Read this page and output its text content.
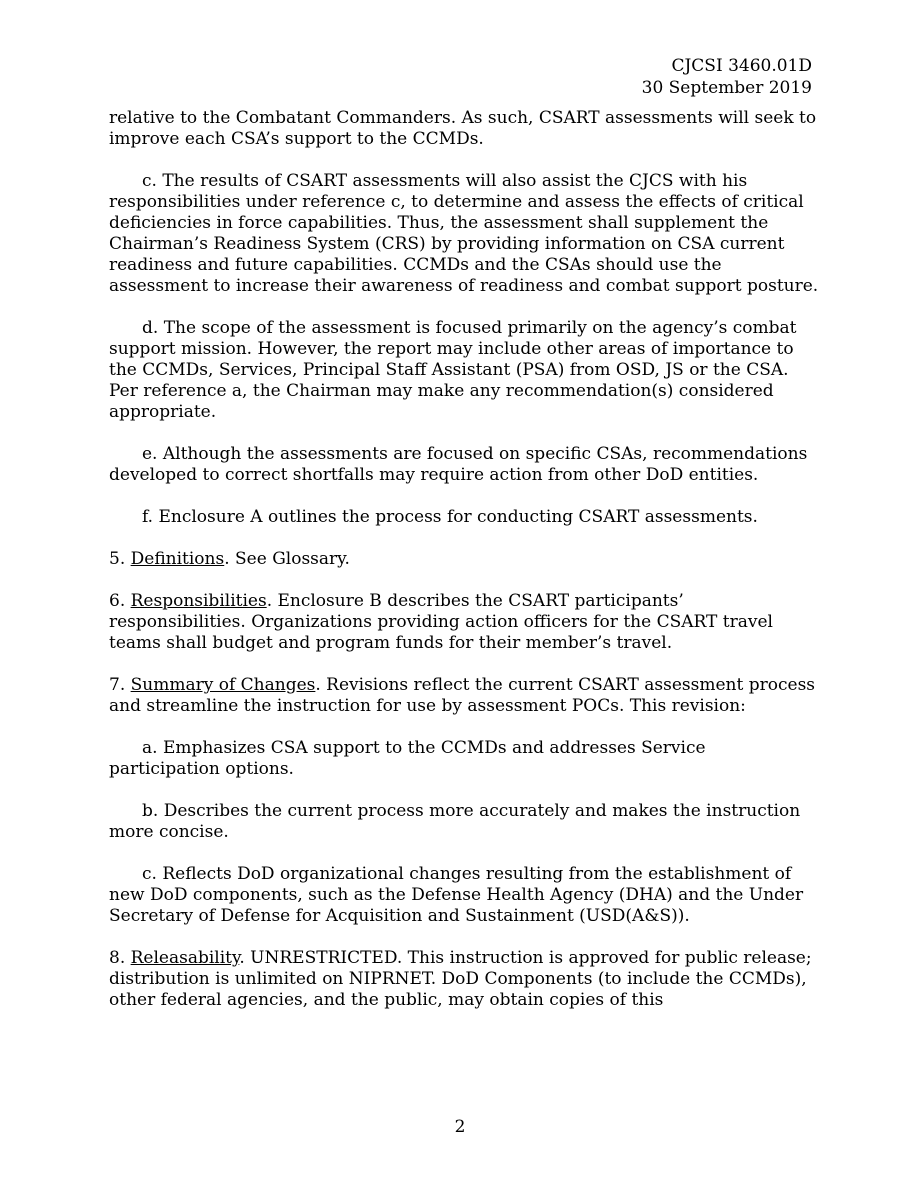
CJCSI 3460.01D
30 September 2019

relative to the Combatant Commanders. As such, CSART assessments will seek to improve each CSA’s support to the CCMDs.

c. The results of CSART assessments will also assist the CJCS with his responsibilities under reference c, to determine and assess the effects of critical deficiencies in force capabilities. Thus, the assessment shall supplement the Chairman’s Readiness System (CRS) by providing information on CSA current readiness and future capabilities. CCMDs and the CSAs should use the assessment to increase their awareness of readiness and combat support posture.

d. The scope of the assessment is focused primarily on the agency’s combat support mission. However, the report may include other areas of importance to the CCMDs, Services, Principal Staff Assistant (PSA) from OSD, JS or the CSA. Per reference a, the Chairman may make any recommendation(s) considered appropriate.

e. Although the assessments are focused on specific CSAs, recommendations developed to correct shortfalls may require action from other DoD entities.

f. Enclosure A outlines the process for conducting CSART assessments.

5. Definitions. See Glossary.

6. Responsibilities. Enclosure B describes the CSART participants’ responsibilities. Organizations providing action officers for the CSART travel teams shall budget and program funds for their member’s travel.

7. Summary of Changes. Revisions reflect the current CSART assessment process and streamline the instruction for use by assessment POCs. This revision:

a. Emphasizes CSA support to the CCMDs and addresses Service participation options.

b. Describes the current process more accurately and makes the instruction more concise.

c. Reflects DoD organizational changes resulting from the establishment of new DoD components, such as the Defense Health Agency (DHA) and the Under Secretary of Defense for Acquisition and Sustainment (USD(A&S)).

8. Releasability. UNRESTRICTED. This instruction is approved for public release; distribution is unlimited on NIPRNET. DoD Components (to include the CCMDs), other federal agencies, and the public, may obtain copies of this

2
